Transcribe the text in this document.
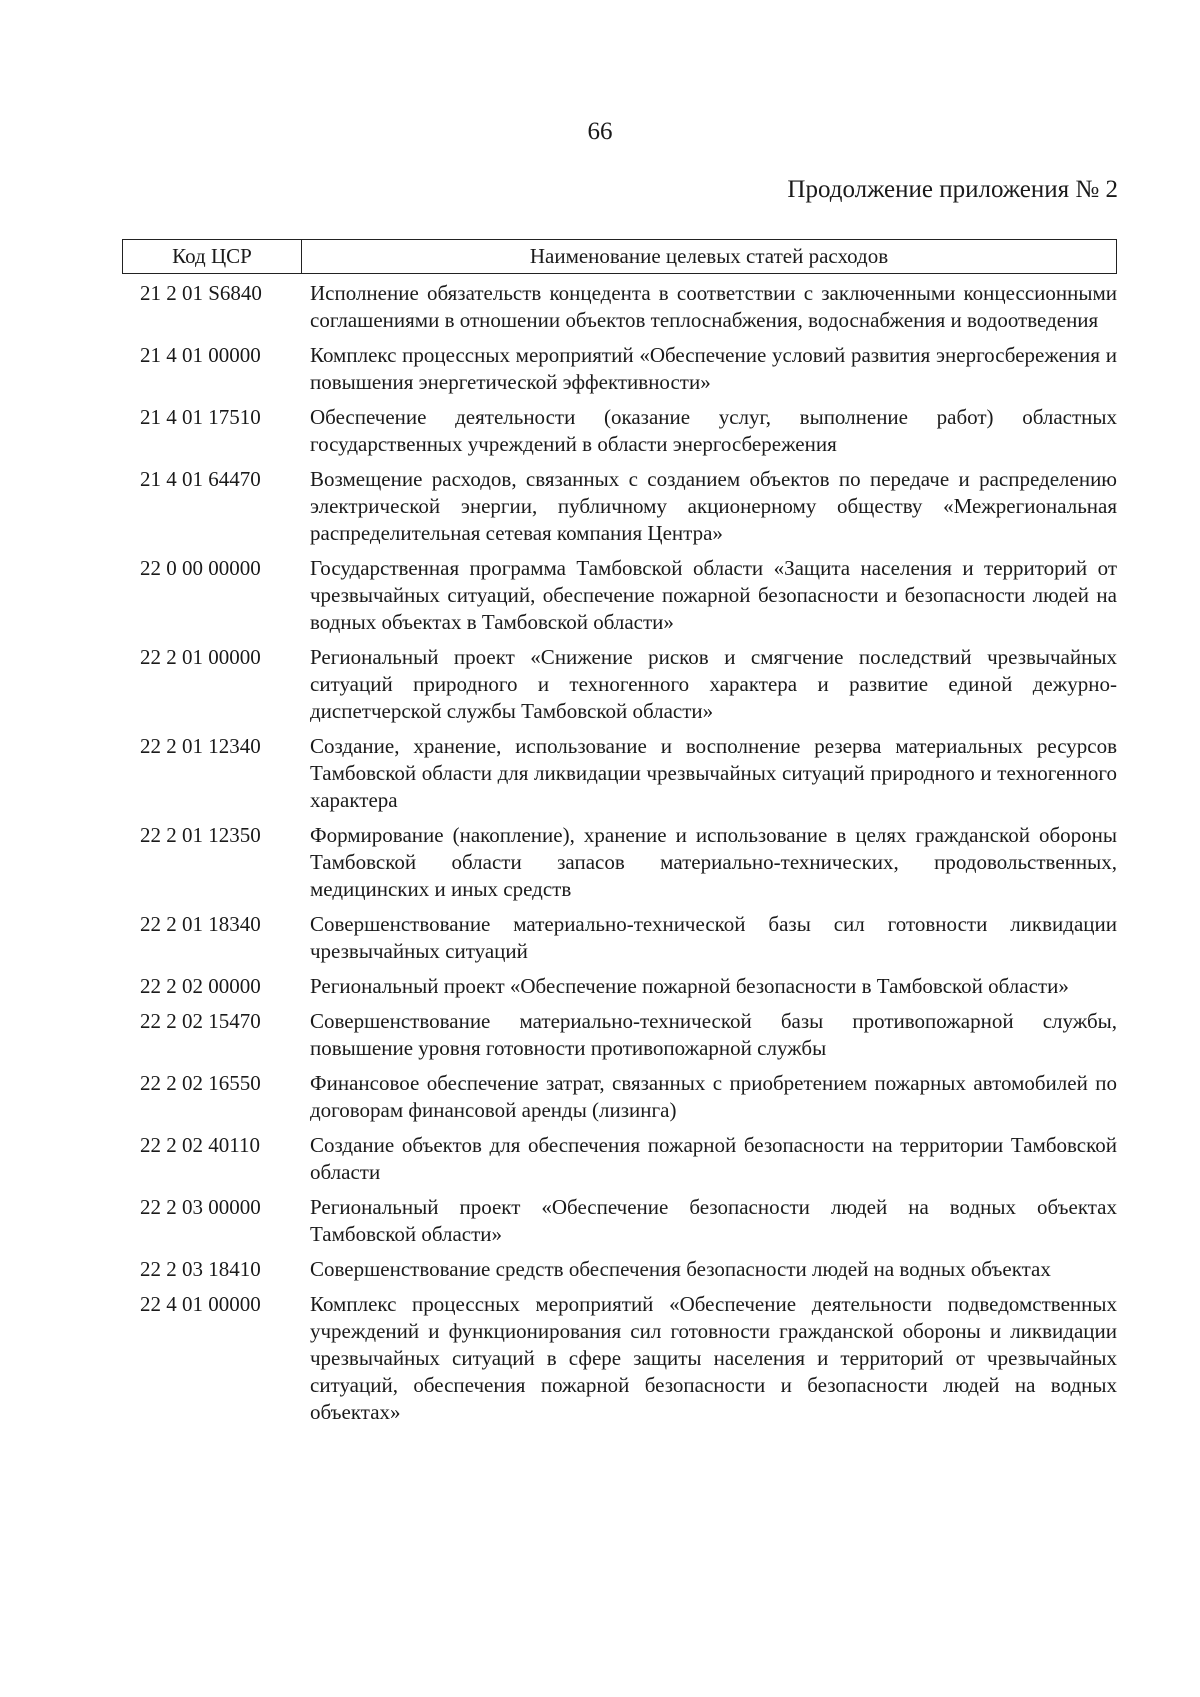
66
Продолжение приложения № 2
Код ЦСР	Наименование целевых статей расходов
21 2 01 S6840	Исполнение обязательств концедента в соответствии с заключенными концессионными соглашениями в отношении объектов теплоснабжения, водоснабжения и водоотведения
21 4 01 00000	Комплекс процессных мероприятий «Обеспечение условий развития энергосбережения и повышения энергетической эффективности»
21 4 01 17510	Обеспечение деятельности (оказание услуг, выполнение работ) областных государственных учреждений в области энергосбережения
21 4 01 64470	Возмещение расходов, связанных с созданием объектов по передаче и распределению электрической энергии, публичному акционерному обществу «Межрегиональная распределительная сетевая компания Центра»
22 0 00 00000	Государственная программа Тамбовской области «Защита населения и территорий от чрезвычайных ситуаций, обеспечение пожарной безопасности и безопасности людей на водных объектах в Тамбовской области»
22 2 01 00000	Региональный проект «Снижение рисков и смягчение последствий чрезвычайных ситуаций природного и техногенного характера и развитие единой дежурно-диспетчерской службы Тамбовской области»
22 2 01 12340	Создание, хранение, использование и восполнение резерва материальных ресурсов Тамбовской области для ликвидации чрезвычайных ситуаций природного и техногенного характера
22 2 01 12350	Формирование (накопление), хранение и использование в целях гражданской обороны Тамбовской области запасов материально-технических, продовольственных, медицинских и иных средств
22 2 01 18340	Совершенствование материально-технической базы сил готовности ликвидации чрезвычайных ситуаций
22 2 02 00000	Региональный проект «Обеспечение пожарной безопасности в Тамбовской области»
22 2 02 15470	Совершенствование материально-технической базы противопожарной службы, повышение уровня готовности противопожарной службы
22 2 02 16550	Финансовое обеспечение затрат, связанных с приобретением пожарных автомобилей по договорам финансовой аренды (лизинга)
22 2 02 40110	Создание объектов для обеспечения пожарной безопасности на территории Тамбовской области
22 2 03 00000	Региональный проект «Обеспечение безопасности людей на водных объектах Тамбовской области»
22 2 03 18410	Совершенствование средств обеспечения безопасности людей на водных объектах
22 4 01 00000	Комплекс процессных мероприятий «Обеспечение деятельности подведомственных учреждений и функционирования сил готовности гражданской обороны и ликвидации чрезвычайных ситуаций в сфере защиты населения и территорий от чрезвычайных ситуаций, обеспечения пожарной безопасности и безопасности людей на водных объектах»
